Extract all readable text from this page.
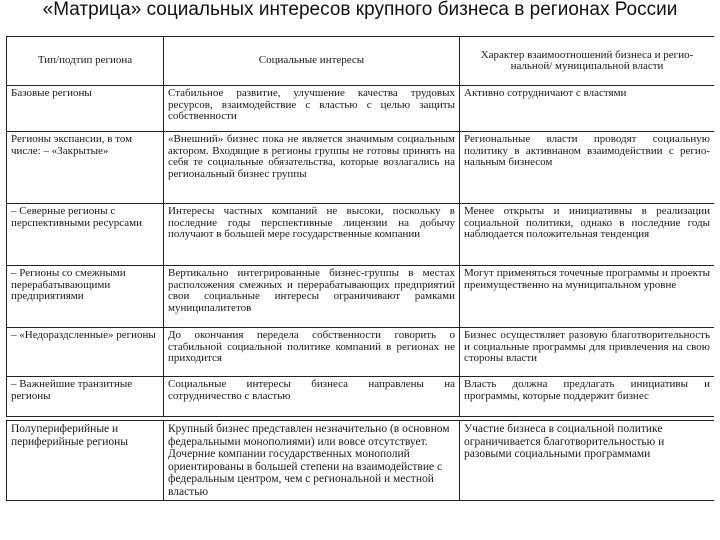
«Матрица» социальных интересов крупного бизнеса в регионах России
Тип/подтип региона	Социальные интересы	Характер взаимоотношений бизнеса и региональной/ муниципальной власти
Базовые регионы	Стабильное развитие, улучшение качества трудовых ресурсов, взаимодействие с властью с целью защиты собственности	Активно сотрудничают с властями
Регионы экспансии, в том числе: – «Закрытые»	«Внешний» бизнес пока не является значимым социальным актором. Входящие в регионы группы не готовы принять на себя те социальные обязательства, которые возлагались на региональный бизнес группы	Региональные власти проводят социальную политику в активнаном взаимодействии с региональным бизнесом
– Северные регионы с перспективными ресурсами	Интересы частных компаний не высоки, поскольку в последние годы перспективные лицензии на добычу получают в большей мере государственные компании	Менее открыты и инициативны в реализации социальной политики, однако в последние годы наблюдается положительная тенденция
– Регионы со смежными перерабатывающими предприятиями	Вертикально интегрированные бизнес-группы в местах расположения смежных и перерабатывающих предприятий свои социальные интересы ограничивают рамками муниципалитетов	Могут применяться точечные программы и проекты преимущественно на муниципальном уровне
– «Недораздсленные» регионы	До окончания передела собственности говорить о стабильной социальной политике компаний в регионах не приходится	Бизнес осуществляет разовую благотворительность и социальные программы для привлечения на свою стороны власти
– Важнейшие транзитные регионы	Социальные интересы бизнеса направлены на сотрудничество с властью	Власть должна предлагать инициативы и программы, которые поддержит бизнес

Полупериферийные и периферийные регионы	Крупный бизнес представлен незначительно (в основном федеральными монополиями) или вовсе отсутствует. Дочерние компании государственных монополий ориентированы в большей степени на взаимодействие с федеральным центром, чем с региональной и местной властью	Участие бизнеса в социальной политике ограничивается благотворительностью и разовыми социальными программами
